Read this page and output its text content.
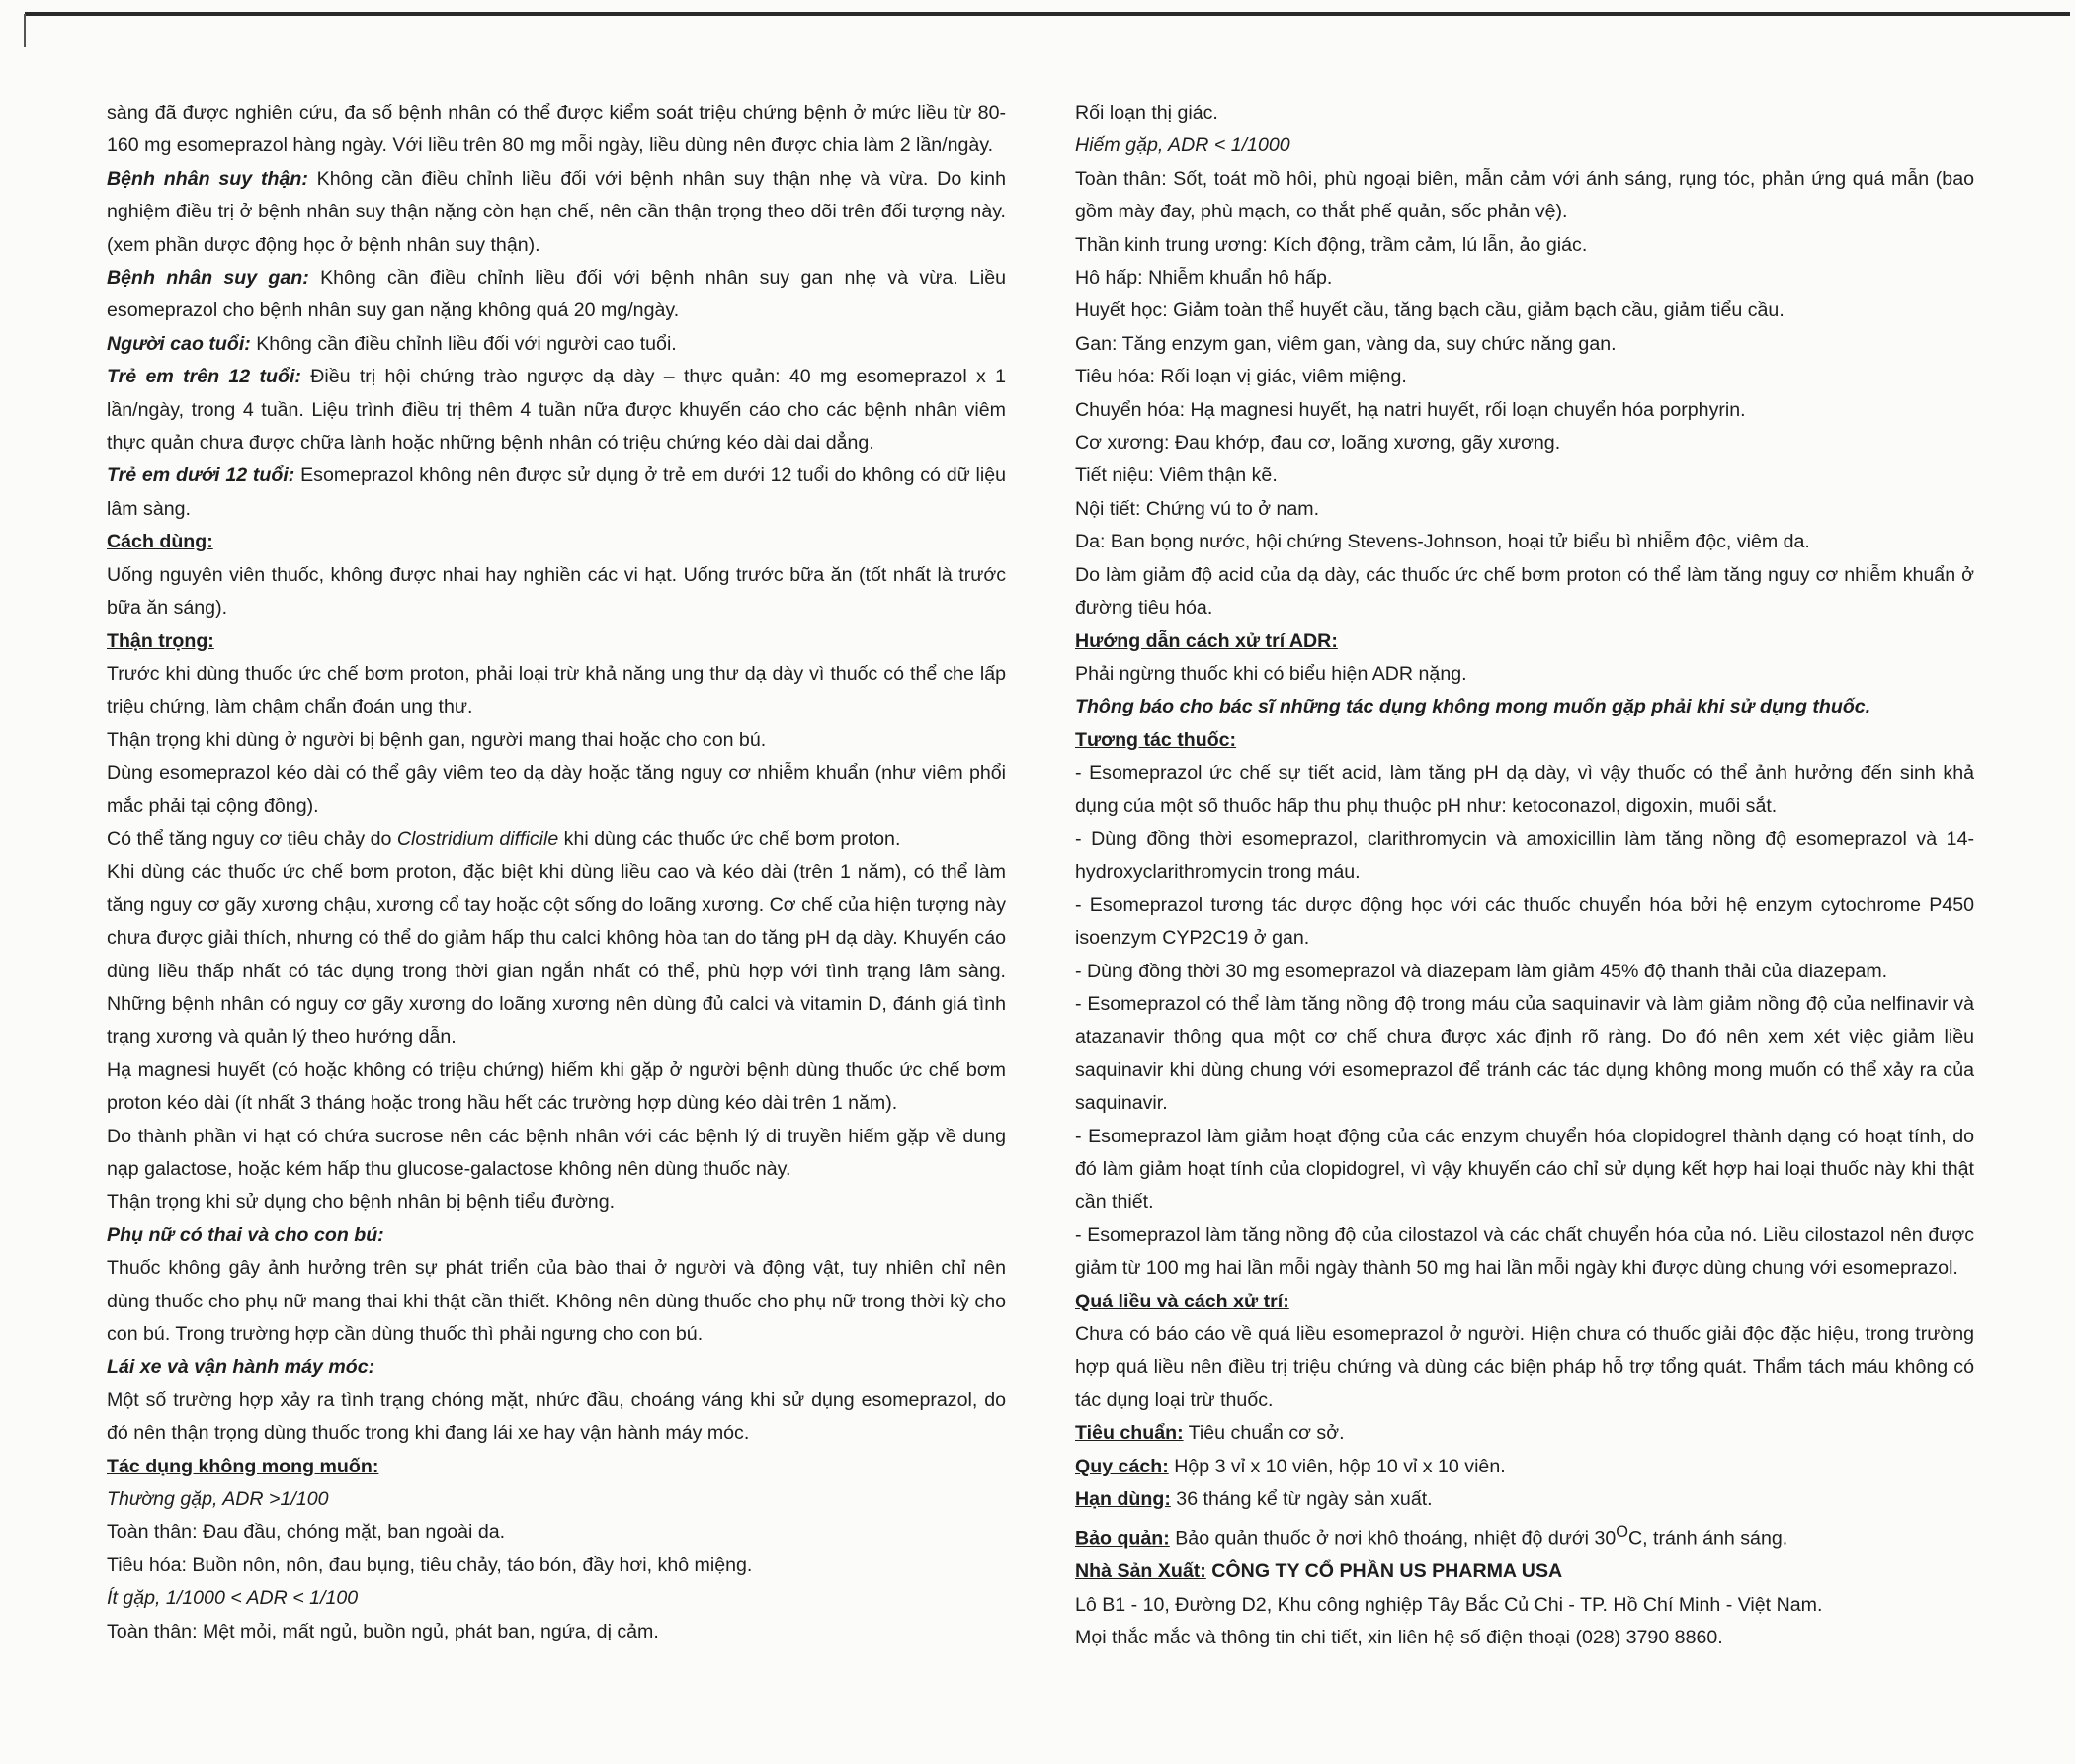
sàng đã được nghiên cứu, đa số bệnh nhân có thể được kiểm soát triệu chứng bệnh ở mức liều từ 80-160 mg esomeprazol hàng ngày. Với liều trên 80 mg mỗi ngày, liều dùng nên được chia làm 2 lần/ngày.

Bệnh nhân suy thận: Không cần điều chỉnh liều đối với bệnh nhân suy thận nhẹ và vừa. Do kinh nghiệm điều trị ở bệnh nhân suy thận nặng còn hạn chế, nên cần thận trọng theo dõi trên đối tượng này. (xem phần dược động học ở bệnh nhân suy thận).

Bệnh nhân suy gan: Không cần điều chỉnh liều đối với bệnh nhân suy gan nhẹ và vừa. Liều esomeprazol cho bệnh nhân suy gan nặng không quá 20 mg/ngày.

Người cao tuổi: Không cần điều chỉnh liều đối với người cao tuổi.

Trẻ em trên 12 tuổi: Điều trị hội chứng trào ngược dạ dày – thực quản: 40 mg esomeprazol x 1 lần/ngày, trong 4 tuần. Liệu trình điều trị thêm 4 tuần nữa được khuyến cáo cho các bệnh nhân viêm thực quản chưa được chữa lành hoặc những bệnh nhân có triệu chứng kéo dài dai dẳng.

Trẻ em dưới 12 tuổi: Esomeprazol không nên được sử dụng ở trẻ em dưới 12 tuổi do không có dữ liệu lâm sàng.

Cách dùng:

Uống nguyên viên thuốc, không được nhai hay nghiền các vi hạt. Uống trước bữa ăn (tốt nhất là trước bữa ăn sáng).

Thận trọng:

Trước khi dùng thuốc ức chế bơm proton, phải loại trừ khả năng ung thư dạ dày vì thuốc có thể che lấp triệu chứng, làm chậm chẩn đoán ung thư.

Thận trọng khi dùng ở người bị bệnh gan, người mang thai hoặc cho con bú.

Dùng esomeprazol kéo dài có thể gây viêm teo dạ dày hoặc tăng nguy cơ nhiễm khuẩn (như viêm phổi mắc phải tại cộng đồng).

Có thể tăng nguy cơ tiêu chảy do Clostridium difficile khi dùng các thuốc ức chế bơm proton.

Khi dùng các thuốc ức chế bơm proton, đặc biệt khi dùng liều cao và kéo dài (trên 1 năm), có thể làm tăng nguy cơ gãy xương chậu, xương cổ tay hoặc cột sống do loãng xương. Cơ chế của hiện tượng này chưa được giải thích, nhưng có thể do giảm hấp thu calci không hòa tan do tăng pH dạ dày. Khuyến cáo dùng liều thấp nhất có tác dụng trong thời gian ngắn nhất có thể, phù hợp với tình trạng lâm sàng. Những bệnh nhân có nguy cơ gãy xương do loãng xương nên dùng đủ calci và vitamin D, đánh giá tình trạng xương và quản lý theo hướng dẫn.

Hạ magnesi huyết (có hoặc không có triệu chứng) hiếm khi gặp ở người bệnh dùng thuốc ức chế bơm proton kéo dài (ít nhất 3 tháng hoặc trong hầu hết các trường hợp dùng kéo dài trên 1 năm).

Do thành phần vi hạt có chứa sucrose nên các bệnh nhân với các bệnh lý di truyền hiếm gặp về dung nạp galactose, hoặc kém hấp thu glucose-galactose không nên dùng thuốc này.

Thận trọng khi sử dụng cho bệnh nhân bị bệnh tiểu đường.

Phụ nữ có thai và cho con bú:

Thuốc không gây ảnh hưởng trên sự phát triển của bào thai ở người và động vật, tuy nhiên chỉ nên dùng thuốc cho phụ nữ mang thai khi thật cần thiết. Không nên dùng thuốc cho phụ nữ trong thời kỳ cho con bú. Trong trường hợp cần dùng thuốc thì phải ngưng cho con bú.

Lái xe và vận hành máy móc:

Một số trường hợp xảy ra tình trạng chóng mặt, nhức đầu, choáng váng khi sử dụng esomeprazol, do đó nên thận trọng dùng thuốc trong khi đang lái xe hay vận hành máy móc.

Tác dụng không mong muốn:

Thường gặp, ADR >1/100

Toàn thân: Đau đầu, chóng mặt, ban ngoài da.

Tiêu hóa: Buồn nôn, nôn, đau bụng, tiêu chảy, táo bón, đầy hơi, khô miệng.

Ít gặp, 1/1000 < ADR < 1/100

Toàn thân: Mệt mỏi, mất ngủ, buồn ngủ, phát ban, ngứa, dị cảm.

Rối loạn thị giác.

Hiếm gặp, ADR < 1/1000

Toàn thân: Sốt, toát mồ hôi, phù ngoại biên, mẫn cảm với ánh sáng, rụng tóc, phản ứng quá mẫn (bao gồm mày đay, phù mạch, co thắt phế quản, sốc phản vệ).

Thần kinh trung ương: Kích động, trầm cảm, lú lẫn, ảo giác.

Hô hấp: Nhiễm khuẩn hô hấp.

Huyết học: Giảm toàn thể huyết cầu, tăng bạch cầu, giảm bạch cầu, giảm tiểu cầu.

Gan: Tăng enzym gan, viêm gan, vàng da, suy chức năng gan.

Tiêu hóa: Rối loạn vị giác, viêm miệng.

Chuyển hóa: Hạ magnesi huyết, hạ natri huyết, rối loạn chuyển hóa porphyrin.

Cơ xương: Đau khớp, đau cơ, loãng xương, gãy xương.

Tiết niệu: Viêm thận kẽ.

Nội tiết: Chứng vú to ở nam.

Da: Ban bọng nước, hội chứng Stevens-Johnson, hoại tử biểu bì nhiễm độc, viêm da.

Do làm giảm độ acid của dạ dày, các thuốc ức chế bơm proton có thể làm tăng nguy cơ nhiễm khuẩn ở đường tiêu hóa.

Hướng dẫn cách xử trí ADR:

Phải ngừng thuốc khi có biểu hiện ADR nặng.

Thông báo cho bác sĩ những tác dụng không mong muốn gặp phải khi sử dụng thuốc.

Tương tác thuốc:

- Esomeprazol ức chế sự tiết acid, làm tăng pH dạ dày, vì vậy thuốc có thể ảnh hưởng đến sinh khả dụng của một số thuốc hấp thu phụ thuộc pH như: ketoconazol, digoxin, muối sắt.

- Dùng đồng thời esomeprazol, clarithromycin và amoxicillin làm tăng nồng độ esomeprazol và 14-hydroxyclarithromycin trong máu.

- Esomeprazol tương tác dược động học với các thuốc chuyển hóa bởi hệ enzym cytochrome P450 isoenzym CYP2C19 ở gan.

- Dùng đồng thời 30 mg esomeprazol và diazepam làm giảm 45% độ thanh thải của diazepam.

- Esomeprazol có thể làm tăng nồng độ trong máu của saquinavir và làm giảm nồng độ của nelfinavir và atazanavir thông qua một cơ chế chưa được xác định rõ ràng. Do đó nên xem xét việc giảm liều saquinavir khi dùng chung với esomeprazol để tránh các tác dụng không mong muốn có thể xảy ra của saquinavir.

- Esomeprazol làm giảm hoạt động của các enzym chuyển hóa clopidogrel thành dạng có hoạt tính, do đó làm giảm hoạt tính của clopidogrel, vì vậy khuyến cáo chỉ sử dụng kết hợp hai loại thuốc này khi thật cần thiết.

- Esomeprazol làm tăng nồng độ của cilostazol và các chất chuyển hóa của nó. Liều cilostazol nên được giảm từ 100 mg hai lần mỗi ngày thành 50 mg hai lần mỗi ngày khi được dùng chung với esomeprazol.

Quá liều và cách xử trí:

Chưa có báo cáo về quá liều esomeprazol ở người. Hiện chưa có thuốc giải độc đặc hiệu, trong trường hợp quá liều nên điều trị triệu chứng và dùng các biện pháp hỗ trợ tổng quát. Thẩm tách máu không có tác dụng loại trừ thuốc.

Tiêu chuẩn: Tiêu chuẩn cơ sở.

Quy cách: Hộp 3 vỉ x 10 viên, hộp 10 vỉ x 10 viên.

Hạn dùng: 36 tháng kể từ ngày sản xuất.

Bảo quản: Bảo quản thuốc ở nơi khô thoáng, nhiệt độ dưới $30^OC$, tránh ánh sáng.

Nhà Sản Xuất: CÔNG TY CỔ PHẦN US PHARMA USA

Lô B1 - 10, Đường D2, Khu công nghiệp Tây Bắc Củ Chi - TP. Hồ Chí Minh - Việt Nam.

Mọi thắc mắc và thông tin chi tiết, xin liên hệ số điện thoại (028) 3790 8860.
